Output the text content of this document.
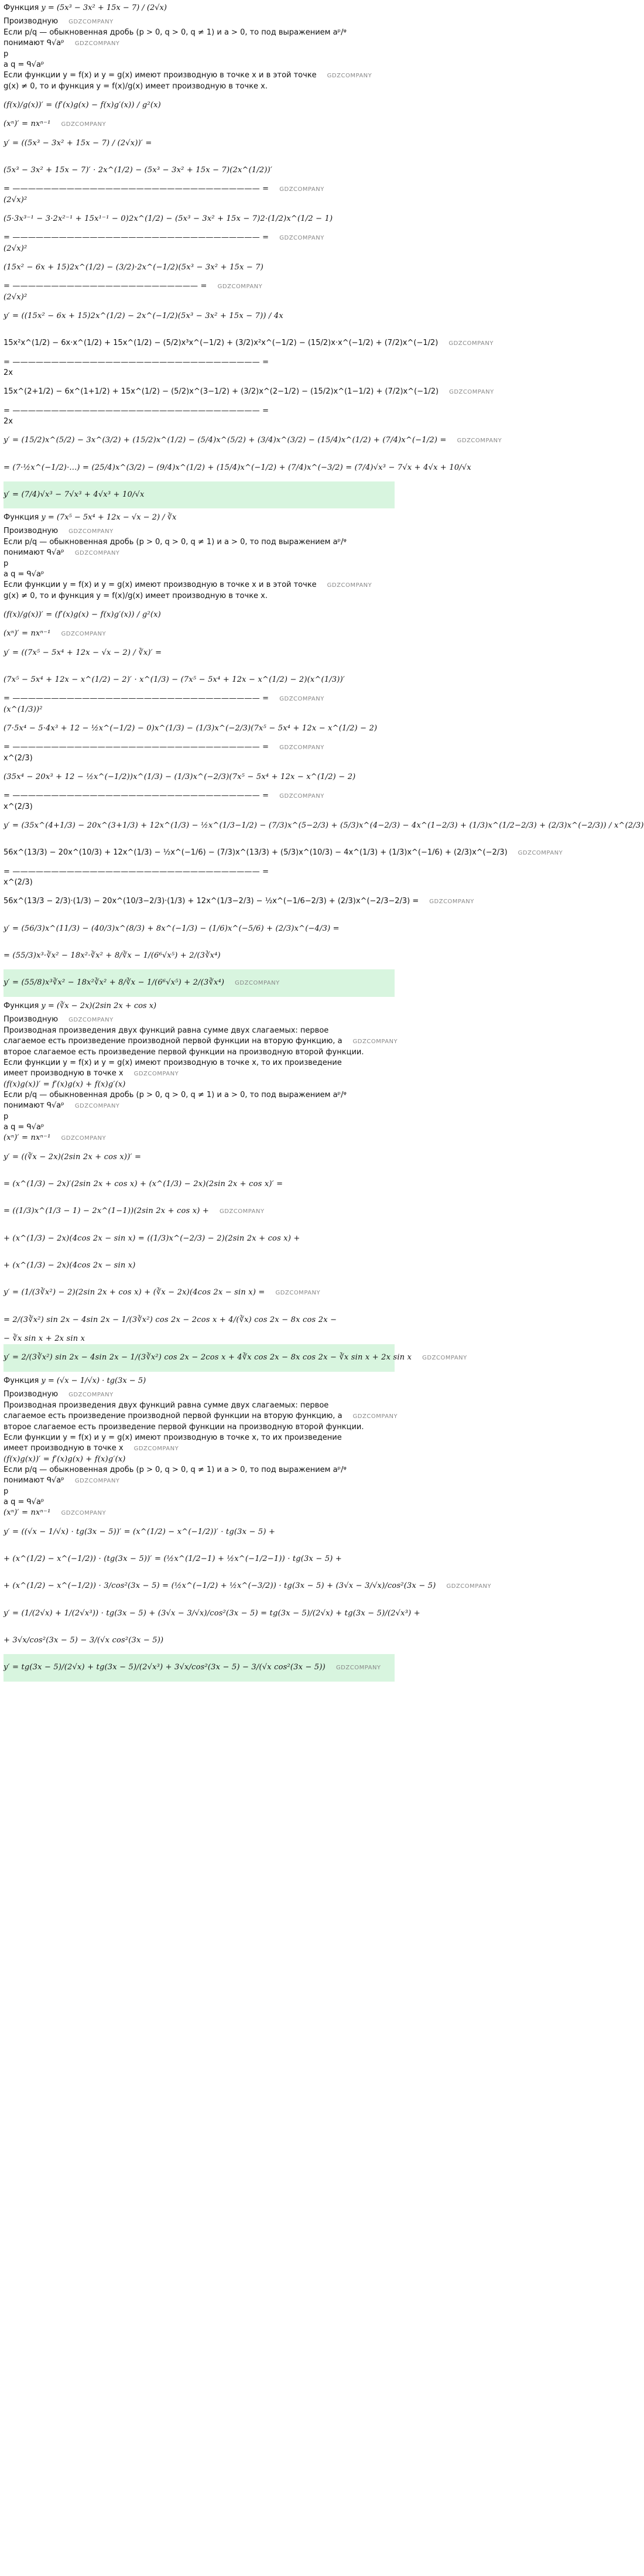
Функция y = (5x³ − 3x² + 15x − 7) / (2√x)
Производную GDZCOMPANY
Если p/q — обыкновенная дробь (p > 0, q > 0, q ≠ 1) и a > 0, то под выражением aᵖ/ᵠ
понимают ᑫ√aᵖ GDZCOMPANY
p
a q = ᑫ√aᵖ
Если функции y = f(x) и y = g(x) имеют производную в точке x и в этой точке GDZCOMPANY
g(x) ≠ 0, то и функция y = f(x)/g(x) имеет производную в точке x.
(f(x)/g(x))′ = (f′(x)g(x) − f(x)g′(x)) / g²(x)
(xⁿ)′ = nxⁿ⁻¹ GDZCOMPANY
y′ = ((5x³ − 3x² + 15x − 7) / (2√x))′ =
(5x³ − 3x² + 15x − 7)′ · 2x^(1/2) − (5x³ − 3x² + 15x − 7)(2x^(1/2))′
= ———————————————————————————————— = GDZCOMPANY
(2√x)²
(5·3x³⁻¹ − 3·2x²⁻¹ + 15x¹⁻¹ − 0)2x^(1/2) − (5x³ − 3x² + 15x − 7)2·(1/2)x^(1/2 − 1)
= ———————————————————————————————— = GDZCOMPANY
(2√x)²
(15x² − 6x + 15)2x^(1/2) − (3/2)·2x^(−1/2)(5x³ − 3x² + 15x − 7)
= ———————————————————————— = GDZCOMPANY
(2√x)²
y′ = ((15x² − 6x + 15)2x^(1/2) − 2x^(−1/2)(5x³ − 3x² + 15x − 7)) / 4x
15x²x^(1/2) − 6x·x^(1/2) + 15x^(1/2) − (5/2)x³x^(−1/2) + (3/2)x²x^(−1/2) − (15/2)x·x^(−1/2) + (7/2)x^(−1/2) GDZCOMPANY
= ———————————————————————————————— =
2x
15x^(2+1/2) − 6x^(1+1/2) + 15x^(1/2) − (5/2)x^(3−1/2) + (3/2)x^(2−1/2) − (15/2)x^(1−1/2) + (7/2)x^(−1/2) GDZCOMPANY
= ———————————————————————————————— =
2x
y′ = (15/2)x^(5/2) − 3x^(3/2) + (15/2)x^(1/2) − (5/4)x^(5/2) + (3/4)x^(3/2) − (15/4)x^(1/2) + (7/4)x^(−1/2) = GDZCOMPANY
= (7·½x^(−1/2)·...) = (25/4)x^(3/2) − (9/4)x^(1/2) + (15/4)x^(−1/2) + (7/4)x^(−3/2) = (7/4)√x³ − 7√x + 4√x + 10/√x
y′ = (7/4)√x³ − 7√x³ + 4√x³ + 10/√x
Функция y = (7x⁵ − 5x⁴ + 12x − √x − 2) / ∛x
Производную GDZCOMPANY
Если p/q — обыкновенная дробь (p > 0, q > 0, q ≠ 1) и a > 0, то под выражением aᵖ/ᵠ
понимают ᑫ√aᵖ GDZCOMPANY
p
a q = ᑫ√aᵖ
Если функции y = f(x) и y = g(x) имеют производную в точке x и в этой точке GDZCOMPANY
g(x) ≠ 0, то и функция y = f(x)/g(x) имеет производную в точке x.
(f(x)/g(x))′ = (f′(x)g(x) − f(x)g′(x)) / g²(x)
(xⁿ)′ = nxⁿ⁻¹ GDZCOMPANY
y′ = ((7x⁵ − 5x⁴ + 12x − √x − 2) / ∛x)′ =
(7x⁵ − 5x⁴ + 12x − x^(1/2) − 2)′ · x^(1/3) − (7x⁵ − 5x⁴ + 12x − x^(1/2) − 2)(x^(1/3))′
= ———————————————————————————————— = GDZCOMPANY
(x^(1/3))²
(7·5x⁴ − 5·4x³ + 12 − ½x^(−1/2) − 0)x^(1/3) − (1/3)x^(−2/3)(7x⁵ − 5x⁴ + 12x − x^(1/2) − 2)
= ———————————————————————————————— = GDZCOMPANY
x^(2/3)
(35x⁴ − 20x³ + 12 − ½x^(−1/2))x^(1/3) − (1/3)x^(−2/3)(7x⁵ − 5x⁴ + 12x − x^(1/2) − 2)
= ———————————————————————————————— = GDZCOMPANY
x^(2/3)
y′ = (35x^(4+1/3) − 20x^(3+1/3) + 12x^(1/3) − ½x^(1/3−1/2) − (7/3)x^(5−2/3) + (5/3)x^(4−2/3) − 4x^(1−2/3) + (1/3)x^(1/2−2/3) + (2/3)x^(−2/3)) / x^(2/3)
56x^(13/3) − 20x^(10/3) + 12x^(1/3) − ½x^(−1/6) − (7/3)x^(13/3) + (5/3)x^(10/3) − 4x^(1/3) + (1/3)x^(−1/6) + (2/3)x^(−2/3) GDZCOMPANY
= ———————————————————————————————— =
x^(2/3)
56x^(13/3 − 2/3)·(1/3) − 20x^(10/3−2/3)·(1/3) + 12x^(1/3−2/3) − ½x^(−1/6−2/3) + (2/3)x^(−2/3−2/3) = GDZCOMPANY
y′ = (56/3)x^(11/3) − (40/3)x^(8/3) + 8x^(−1/3) − (1/6)x^(−5/6) + (2/3)x^(−4/3) =
= (55/3)x³·∛x² − 18x²·∛x² + 8/∛x − 1/(6⁶√x⁵) + 2/(3∛x⁴)
y′ = (55/8)x³∛x² − 18x²∛x² + 8/∛x − 1/(6⁶√x⁵) + 2/(3∛x⁴) GDZCOMPANY
Функция y = (∛x − 2x)(2sin 2x + cos x)
Производную GDZCOMPANY
Производная произведения двух функций равна сумме двух слагаемых: первое
слагаемое есть произведение производной первой функции на вторую функцию, а GDZCOMPANY
второе слагаемое есть произведение первой функции на производную второй функции.
Если функции y = f(x) и y = g(x) имеют производную в точке x, то их произведение
имеет производную в точке x GDZCOMPANY
(f(x)g(x))′ = f′(x)g(x) + f(x)g′(x)
Если p/q — обыкновенная дробь (p > 0, q > 0, q ≠ 1) и a > 0, то под выражением aᵖ/ᵠ
понимают ᑫ√aᵖ GDZCOMPANY
p
a q = ᑫ√aᵖ
(xⁿ)′ = nxⁿ⁻¹ GDZCOMPANY
y′ = ((∛x − 2x)(2sin 2x + cos x))′ =
= (x^(1/3) − 2x)′(2sin 2x + cos x) + (x^(1/3) − 2x)(2sin 2x + cos x)′ =
= ((1/3)x^(1/3 − 1) − 2x^(1−1))(2sin 2x + cos x) + GDZCOMPANY
+ (x^(1/3) − 2x)(4cos 2x − sin x) = ((1/3)x^(−2/3) − 2)(2sin 2x + cos x) +
+ (x^(1/3) − 2x)(4cos 2x − sin x)
y′ = (1/(3∛x²) − 2)(2sin 2x + cos x) + (∛x − 2x)(4cos 2x − sin x) = GDZCOMPANY
= 2/(3∛x²) sin 2x − 4sin 2x − 1/(3∛x²) cos 2x − 2cos x + 4/(∛x) cos 2x − 8x cos 2x −
− ∛x sin x + 2x sin x
y′ = 2/(3∛x²) sin 2x − 4sin 2x − 1/(3∛x²) cos 2x − 2cos x + 4∛x cos 2x − 8x cos 2x − ∛x sin x + 2x sin x GDZCOMPANY
Функция y = (√x − 1/√x) · tg(3x − 5)
Производную GDZCOMPANY
Производная произведения двух функций равна сумме двух слагаемых: первое
слагаемое есть произведение производной первой функции на вторую функцию, а GDZCOMPANY
второе слагаемое есть произведение первой функции на производную второй функции.
Если функции y = f(x) и y = g(x) имеют производную в точке x, то их произведение
имеет производную в точке x GDZCOMPANY
(f(x)g(x))′ = f′(x)g(x) + f(x)g′(x)
Если p/q — обыкновенная дробь (p > 0, q > 0, q ≠ 1) и a > 0, то под выражением aᵖ/ᵠ
понимают ᑫ√aᵖ GDZCOMPANY
p
a q = ᑫ√aᵖ
(xⁿ)′ = nxⁿ⁻¹ GDZCOMPANY
y′ = ((√x − 1/√x) · tg(3x − 5))′ = (x^(1/2) − x^(−1/2))′ · tg(3x − 5) +
+ (x^(1/2) − x^(−1/2)) · (tg(3x − 5))′ = (½x^(1/2−1) + ½x^(−1/2−1)) · tg(3x − 5) +
+ (x^(1/2) − x^(−1/2)) · 3/cos²(3x − 5) = (½x^(−1/2) + ½x^(−3/2)) · tg(3x − 5) + (3√x − 3/√x)/cos²(3x − 5) GDZCOMPANY
y′ = (1/(2√x) + 1/(2√x³)) · tg(3x − 5) + (3√x − 3/√x)/cos²(3x − 5) = tg(3x − 5)/(2√x) + tg(3x − 5)/(2√x³) +
+ 3√x/cos²(3x − 5) − 3/(√x cos²(3x − 5))
y′ = tg(3x − 5)/(2√x) + tg(3x − 5)/(2√x³) + 3√x/cos²(3x − 5) − 3/(√x cos²(3x − 5)) GDZCOMPANY
